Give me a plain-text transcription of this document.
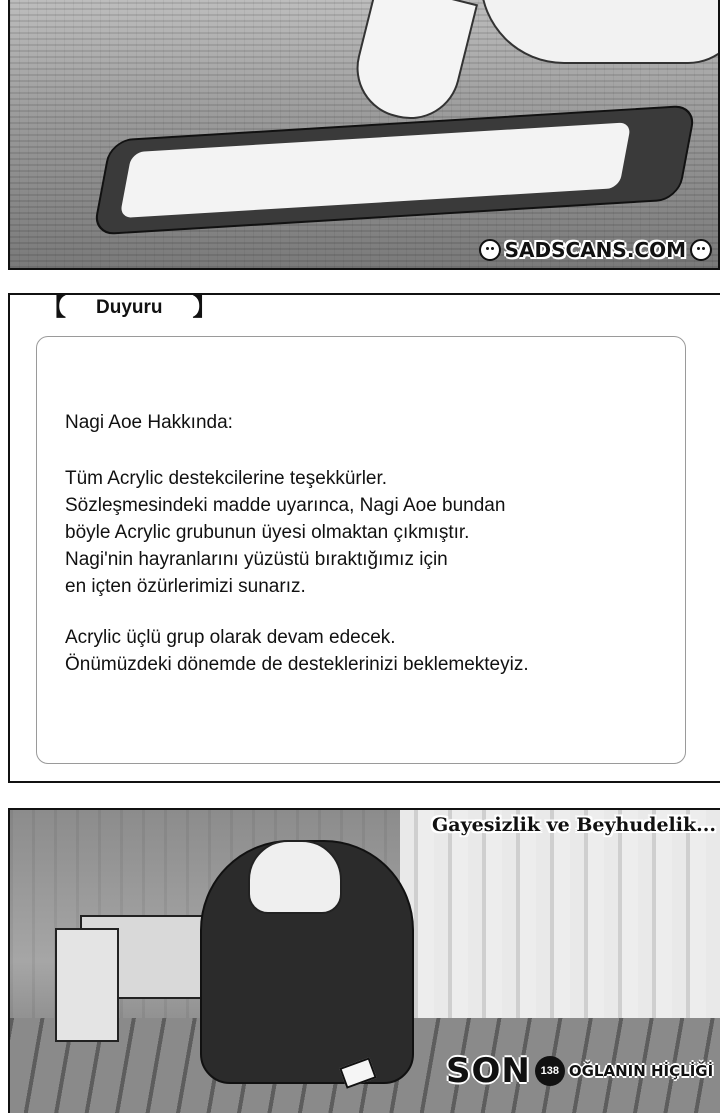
SADSCANS.COM
【 Duyuru 】
Nagi Aoe Hakkında:
Tüm Acrylic destekcilerine teşekkürler.
Sözleşmesindeki madde uyarınca, Nagi Aoe bundan
böyle Acrylic grubunun üyesi olmaktan çıkmıştır.
Nagi'nin hayranlarını yüzüstü bıraktığımız için
en içten özürlerimizi sunarız.
Acrylic üçlü grup olarak devam edecek.
Önümüzdeki dönemde de desteklerinizi beklemekteyiz.
Gayesizlik ve Beyhudelik...
SON 138 OĞLANIN HİÇLİĞİ
